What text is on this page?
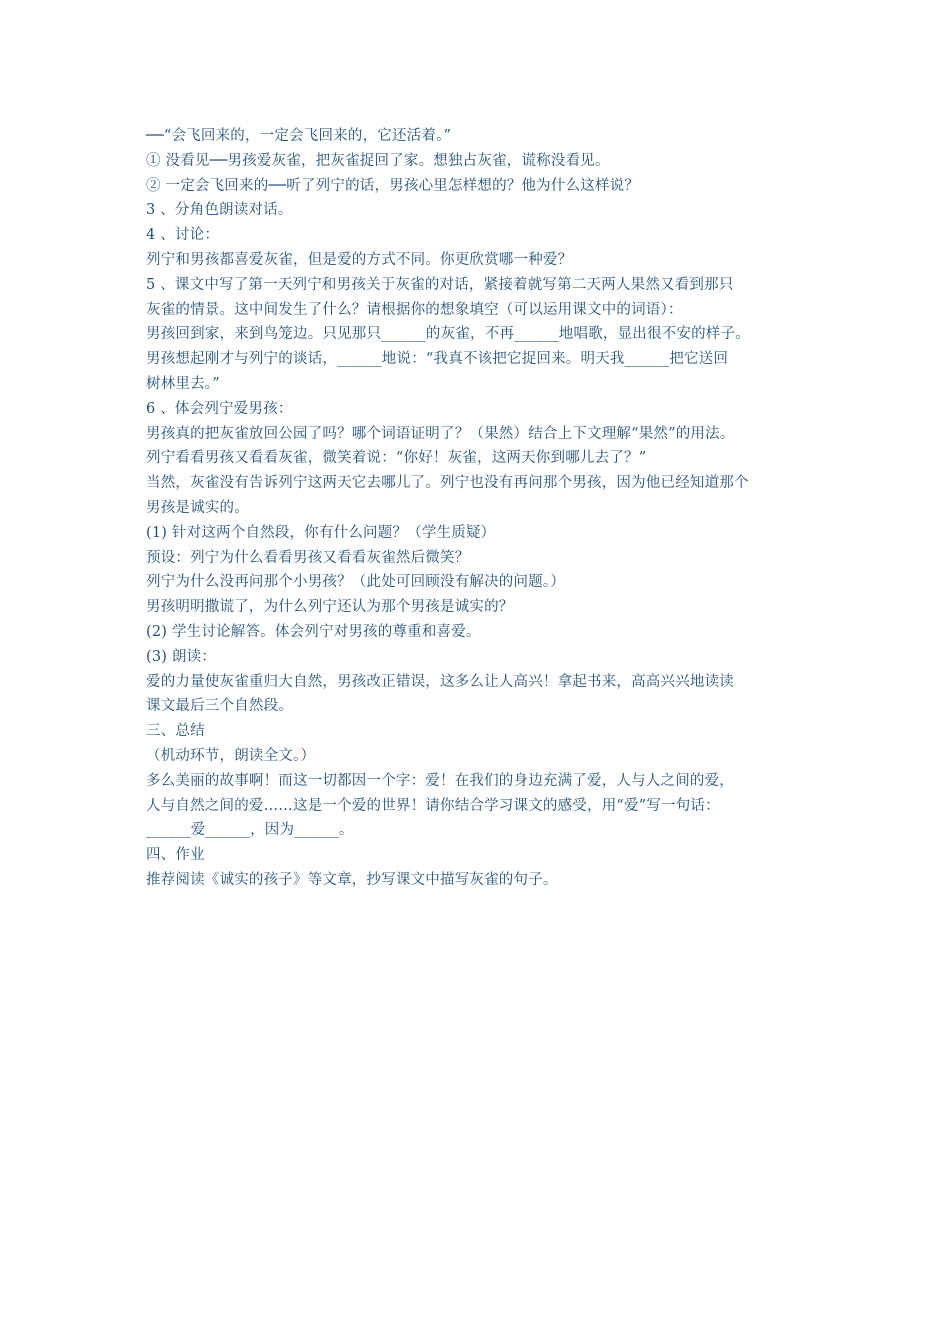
──“会飞回来的，一定会飞回来的，它还活着。”
① 没看见──男孩爱灰雀，把灰雀捉回了家。想独占灰雀，谎称没看见。
② 一定会飞回来的──听了列宁的话，男孩心里怎样想的？他为什么这样说？
3 、分角色朗读对话。
4 、讨论：
列宁和男孩都喜爱灰雀，但是爱的方式不同。你更欣赏哪一种爱？
5 、课文中写了第一天列宁和男孩关于灰雀的对话，紧接着就写第二天两人果然又看到那只
灰雀的情景。这中间发生了什么？请根据你的想象填空（可以运用课文中的词语）：
男孩回到家，来到鸟笼边。只见那只______的灰雀，不再______地唱歌，显出很不安的样子。
男孩想起刚才与列宁的谈话，______地说：“我真不该把它捉回来。明天我______把它送回
树林里去。”
6 、体会列宁爱男孩：
男孩真的把灰雀放回公园了吗？哪个词语证明了？（果然）结合上下文理解“果然”的用法。
列宁看看男孩又看看灰雀，微笑着说：“你好！灰雀，这两天你到哪儿去了？”
当然，灰雀没有告诉列宁这两天它去哪儿了。列宁也没有再问那个男孩，因为他已经知道那个
男孩是诚实的。
(1) 针对这两个自然段，你有什么问题？（学生质疑）
预设：列宁为什么看看男孩又看看灰雀然后微笑？
列宁为什么没再问那个小男孩？（此处可回顾没有解决的问题。）
男孩明明撒谎了，为什么列宁还认为那个男孩是诚实的？
(2) 学生讨论解答。体会列宁对男孩的尊重和喜爱。
(3) 朗读：
爱的力量使灰雀重归大自然，男孩改正错误，这多么让人高兴！拿起书来，高高兴兴地读读
课文最后三个自然段。
三、总结
（机动环节，朗读全文。）
多么美丽的故事啊！而这一切都因一个字：爱！在我们的身边充满了爱，人与人之间的爱，
人与自然之间的爱……这是一个爱的世界！请你结合学习课文的感受，用“爱”写一句话：
______爱______，因为______。
四、作业
推荐阅读《诚实的孩子》等文章，抄写课文中描写灰雀的句子。
